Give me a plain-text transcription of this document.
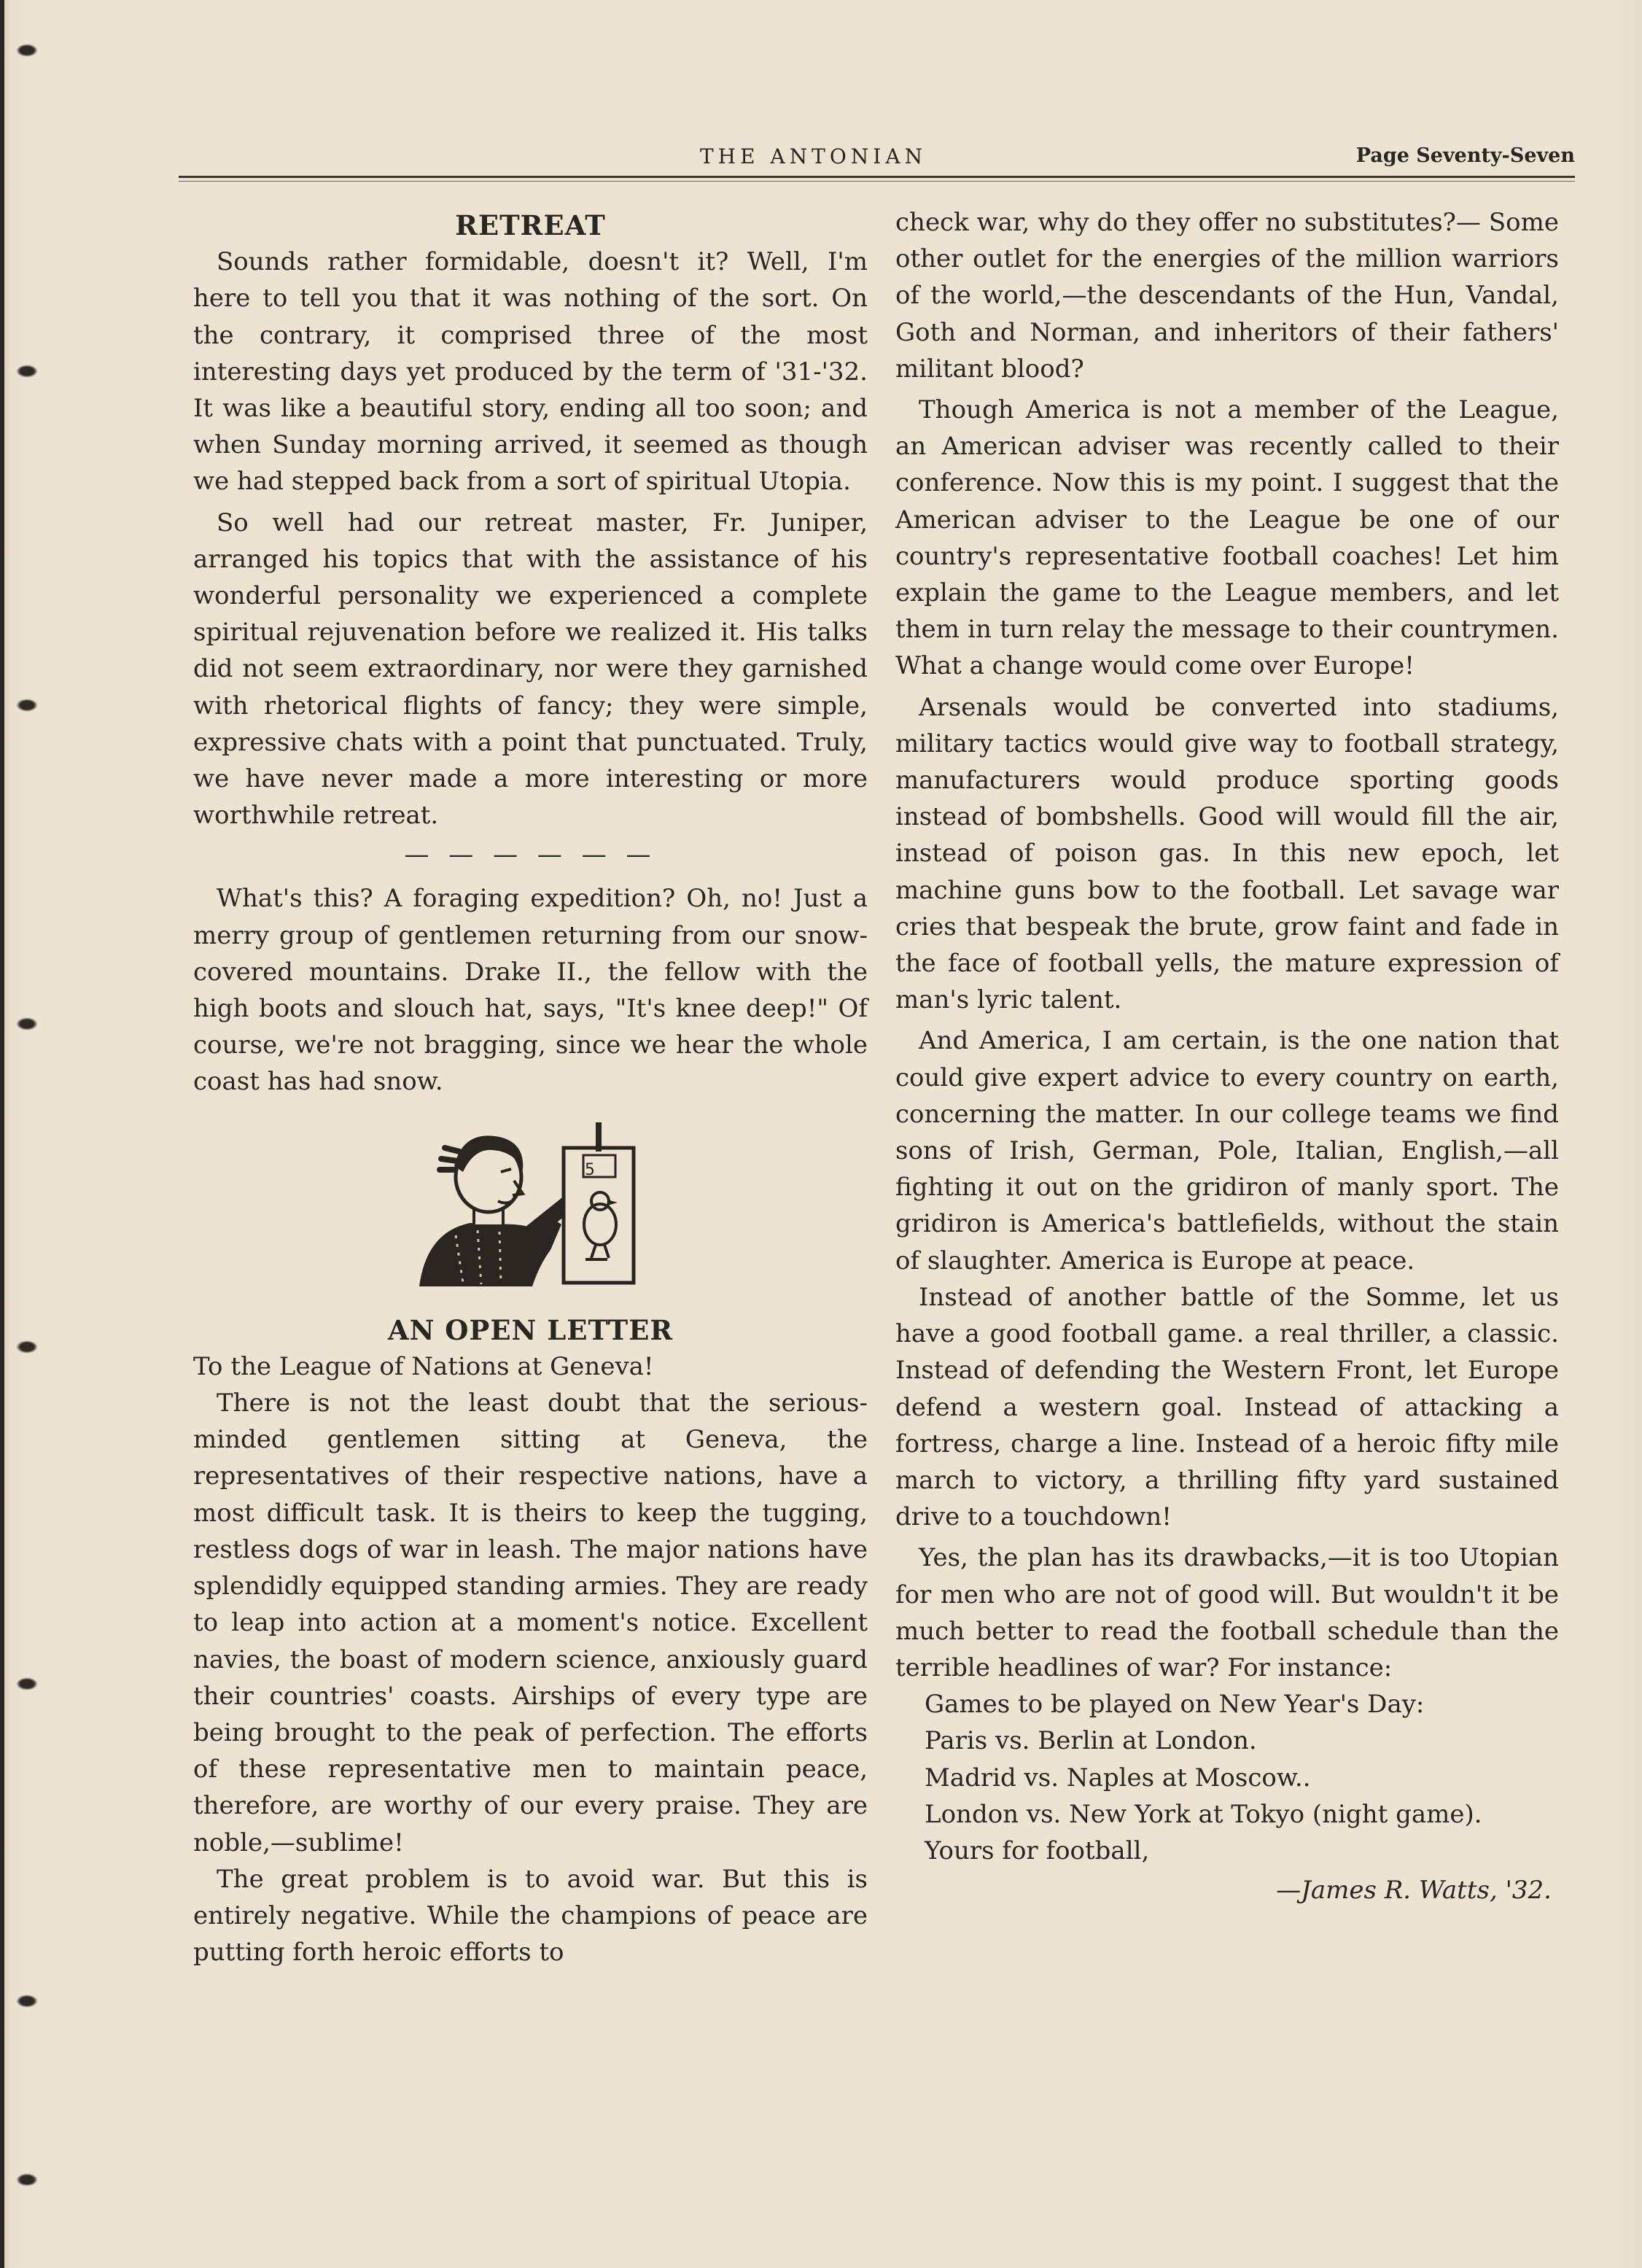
THE ANTONIAN	Page Seventy-Seven
RETREAT

Sounds rather formidable, doesn't it? Well, I'm here to tell you that it was nothing of the sort. On the contrary, it comprised three of the most interesting days yet produced by the term of '31-'32. It was like a beautiful story, ending all too soon; and when Sunday morning arrived, it seemed as though we had stepped back from a sort of spiritual Utopia.

So well had our retreat master, Fr. Juniper, arranged his topics that with the assistance of his wonderful personality we experienced a complete spiritual rejuvenation before we realized it. His talks did not seem extraordinary, nor were they garnished with rhetorical flights of fancy; they were simple, expressive chats with a point that punctuated. Truly, we have never made a more interesting or more worthwhile retreat.

— — — — — —

What's this? A foraging expedition? Oh, no! Just a merry group of gentlemen returning from our snow-covered mountains. Drake II., the fellow with the high boots and slouch hat, says, "It's knee deep!" Of course, we're not bragging, since we hear the whole coast has had snow.

5
AN OPEN LETTER

To the League of Nations at Geneva!

There is not the least doubt that the serious-minded gentlemen sitting at Geneva, the representatives of their respective nations, have a most difficult task. It is theirs to keep the tugging, restless dogs of war in leash. The major nations have splendidly equipped standing armies. They are ready to leap into action at a moment's notice. Excellent navies, the boast of modern science, anxiously guard their countries' coasts. Airships of every type are being brought to the peak of perfection. The efforts of these representative men to maintain peace, therefore, are worthy of our every praise. They are noble,—sublime!

The great problem is to avoid war. But this is entirely negative. While the champions of peace are putting forth heroic efforts to

check war, why do they offer no substitutes?— Some other outlet for the energies of the million warriors of the world,—the descendants of the Hun, Vandal, Goth and Norman, and inheritors of their fathers' militant blood?

Though America is not a member of the League, an American adviser was recently called to their conference. Now this is my point. I suggest that the American adviser to the League be one of our country's representative football coaches! Let him explain the game to the League members, and let them in turn relay the message to their countrymen. What a change would come over Europe!

Arsenals would be converted into stadiums, military tactics would give way to football strategy, manufacturers would produce sporting goods instead of bombshells. Good will would fill the air, instead of poison gas. In this new epoch, let machine guns bow to the football. Let savage war cries that bespeak the brute, grow faint and fade in the face of football yells, the mature expression of man's lyric talent.

And America, I am certain, is the one nation that could give expert advice to every country on earth, concerning the matter. In our college teams we find sons of Irish, German, Pole, Italian, English,—all fighting it out on the gridiron of manly sport. The gridiron is America's battlefields, without the stain of slaughter. America is Europe at peace.

Instead of another battle of the Somme, let us have a good football game. a real thriller, a classic. Instead of defending the Western Front, let Europe defend a western goal. Instead of attacking a fortress, charge a line. Instead of a heroic fifty mile march to victory, a thrilling fifty yard sustained drive to a touchdown!

Yes, the plan has its drawbacks,—it is too Utopian for men who are not of good will. But wouldn't it be much better to read the football schedule than the terrible headlines of war? For instance:

Games to be played on New Year's Day:

Paris vs. Berlin at London.

Madrid vs. Naples at Moscow..

London vs. New York at Tokyo (night game).

Yours for football,

—James R. Watts, '32.
